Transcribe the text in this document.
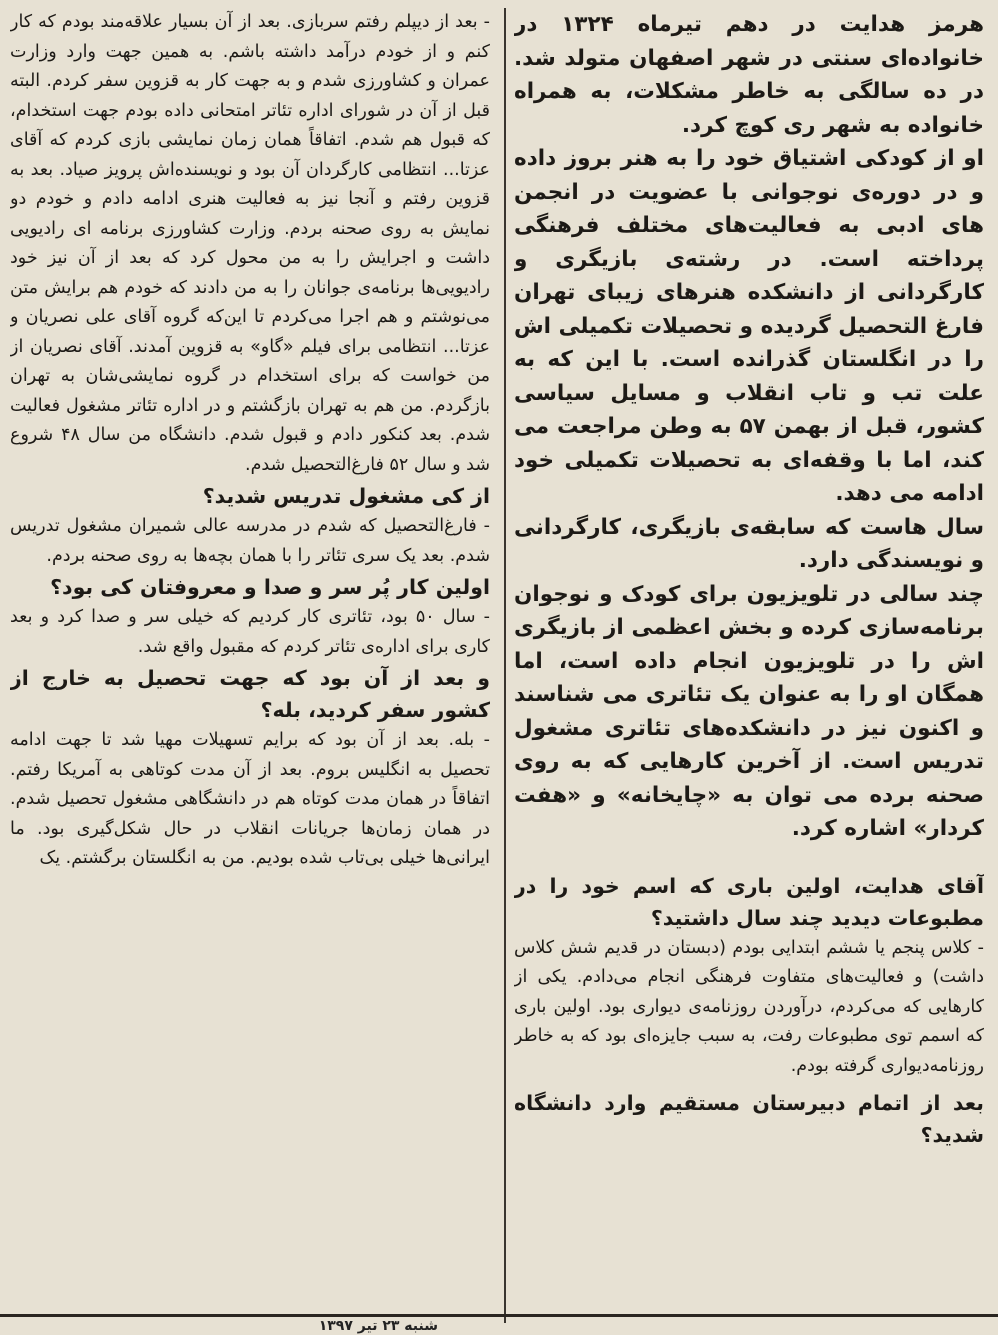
هرمز هدایت در دهم تیرماه ۱۳۲۴ در خانواده‌ای سنتی در شهر اصفهان متولد شد. در ده سالگی به خاطر مشکلات، به همراه خانواده به شهر ری کوچ کرد.

او از کودکی اشتیاق خود را به هنر بروز داده و در دوره‌ی نوجوانی با عضویت در انجمن های ادبی به فعالیت‌های مختلف فرهنگی پرداخته است. در رشته‌ی بازیگری و کارگردانی از دانشکده هنرهای زیبای تهران فارغ التحصیل گردیده و تحصیلات تکمیلی اش را در انگلستان گذرانده است. با این که به علت تب و تاب انقلاب و مسایل سیاسی کشور، قبل از بهمن ۵۷ به وطن مراجعت می کند، اما با وقفه‌ای به تحصیلات تکمیلی خود ادامه می دهد.

سال هاست که سابقه‌ی بازیگری، کارگردانی و نویسندگی دارد.

چند سالی در تلویزیون برای کودک و نوجوان برنامه‌سازی کرده و بخش اعظمی از بازیگری اش را در تلویزیون انجام داده است، اما همگان او را به عنوان یک تئاتری می شناسند و اکنون نیز در دانشکده‌های تئاتری مشغول تدریس است. از آخرین کارهایی که به روی صحنه برده می توان به «چایخانه» و «هفت کردار» اشاره کرد.

آقای هدایت، اولین باری که اسم خود را در مطبوعات دیدید چند سال داشتید؟

- کلاس پنجم یا ششم ابتدایی بودم (دبستان در قدیم شش کلاس داشت) و فعالیت‌های متفاوت فرهنگی انجام می‌دادم. یکی از کارهایی که می‌کردم، درآوردن روزنامه‌ی دیواری بود. اولین باری که اسمم توی مطبوعات رفت، به سبب جایزه‌ای بود که به خاطر روزنامه‌دیواری گرفته بودم.

بعد از اتمام دبیرستان مستقیم وارد دانشگاه شدید؟

- بعد از دیپلم رفتم سربازی. بعد از آن بسیار علاقه‌مند بودم که کار کنم و از خودم درآمد داشته باشم. به همین جهت وارد وزارت عمران و کشاورزی شدم و به جهت کار به قزوین سفر کردم. البته قبل از آن در شورای اداره تئاتر امتحانی داده بودم جهت استخدام، که قبول هم شدم. اتفاقاً همان زمان نمایشی بازی کردم که آقای عزتا... انتظامی کارگردان آن بود و نویسنده‌اش پرویز صیاد. بعد به قزوین رفتم و آنجا نیز به فعالیت هنری ادامه دادم و خودم دو نمایش به روی صحنه بردم. وزارت کشاورزی برنامه ای رادیویی داشت و اجرایش را به من محول کرد که بعد از آن نیز خود رادیویی‌ها برنامه‌ی جوانان را به من دادند که خودم هم برایش متن می‌نوشتم و هم اجرا می‌کردم تا این‌که گروه آقای علی نصریان و عزتا... انتظامی برای فیلم «گاو» به قزوین آمدند. آقای نصریان از من خواست که برای استخدام در گروه نمایشی‌شان به تهران بازگردم. من هم به تهران بازگشتم و در اداره تئاتر مشغول فعالیت شدم. بعد کنکور دادم و قبول شدم. دانشگاه من سال ۴۸ شروع شد و سال ۵۲ فارغ‌التحصیل شدم.

از کی مشغول تدریس شدید؟

- فارغ‌التحصیل که شدم در مدرسه عالی شمیران مشغول تدریس شدم. بعد یک سری تئاتر را با همان بچه‌ها به روی صحنه بردم.

اولین کار پُر سر و صدا و معروفتان کی بود؟

- سال ۵۰ بود، تئاتری کار کردیم که خیلی سر و صدا کرد و بعد کاری برای اداره‌ی تئاتر کردم که مقبول واقع شد.

و بعد از آن بود که جهت تحصیل به خارج از کشور سفر کردید، بله؟

- بله. بعد از آن بود که برایم تسهیلات مهیا شد تا جهت ادامه تحصیل به انگلیس بروم. بعد از آن مدت کوتاهی به آمریکا رفتم. اتفاقاً در همان مدت کوتاه هم در دانشگاهی مشغول تحصیل شدم. در همان زمان‌ها جریانات انقلاب در حال شکل‌گیری بود. ما ایرانی‌ها خیلی بی‌تاب شده بودیم. من به انگلستان برگشتم. یک

شنبه ۲۳ تیر ۱۳۹۷
